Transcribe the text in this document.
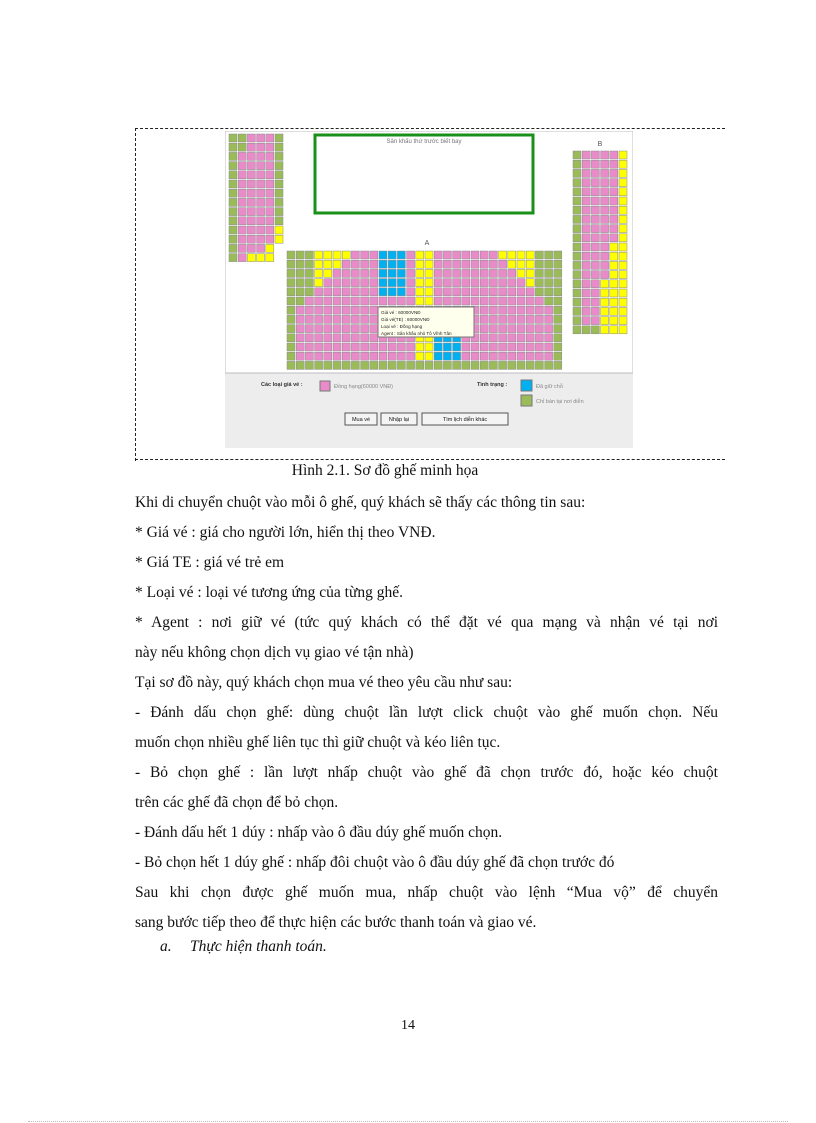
Sân khấu thứ trước biết bay
A
B
Giá vé : 60000VNĐ
Giá vé(TE) : 60000VNĐ
Loại vé : Đồng hạng
Agent : Sân khấu nhỏ Tô Vĩnh Tân
Các loại giá vé :	Đồng hạng(60000 VNĐ)	Tình trạng :	Đã giữ chỗ
Chỉ bán tại nơi diễn
Mua vé	Nhập lại	Tìm lịch diễn khác
Hình 2.1. Sơ đồ ghế minh họa

Khi di chuyển chuột vào mỗi ô ghế, quý khách sẽ thấy các thông tin sau:

* Giá vé : giá cho người lớn, hiển thị theo VNĐ.

* Giá TE : giá vé trẻ em

* Loại vé : loại vé tương ứng của từng ghế.

* Agent : nơi giữ vé (tức quý khách có thể đặt vé qua mạng và nhận vé tại nơi

này nếu không chọn dịch vụ giao vé tận nhà)

Tại sơ đồ này, quý khách chọn mua vé theo yêu cầu như sau:

- Đánh dấu chọn ghế: dùng chuột lần lượt click chuột vào ghế muốn chọn. Nếu

muốn chọn nhiều ghế liên tục thì giữ chuột và kéo liên tục.

- Bỏ chọn ghế : lần lượt nhấp chuột vào ghế đã chọn trước đó, hoặc kéo chuột

trên các ghế đã chọn để bỏ chọn.

- Đánh dấu hết 1 dúy : nhấp vào ô đầu dúy ghế muốn chọn.

- Bỏ chọn hết 1 dúy ghế : nhấp đôi chuột vào ô đầu dúy ghế đã chọn trước đó

Sau khi chọn được ghế muốn mua, nhấp chuột vào lệnh “Mua vộ” để chuyển

sang bước tiếp theo để thực hiện các bước thanh toán và giao vé.

a. Thực hiện thanh toán.
14
